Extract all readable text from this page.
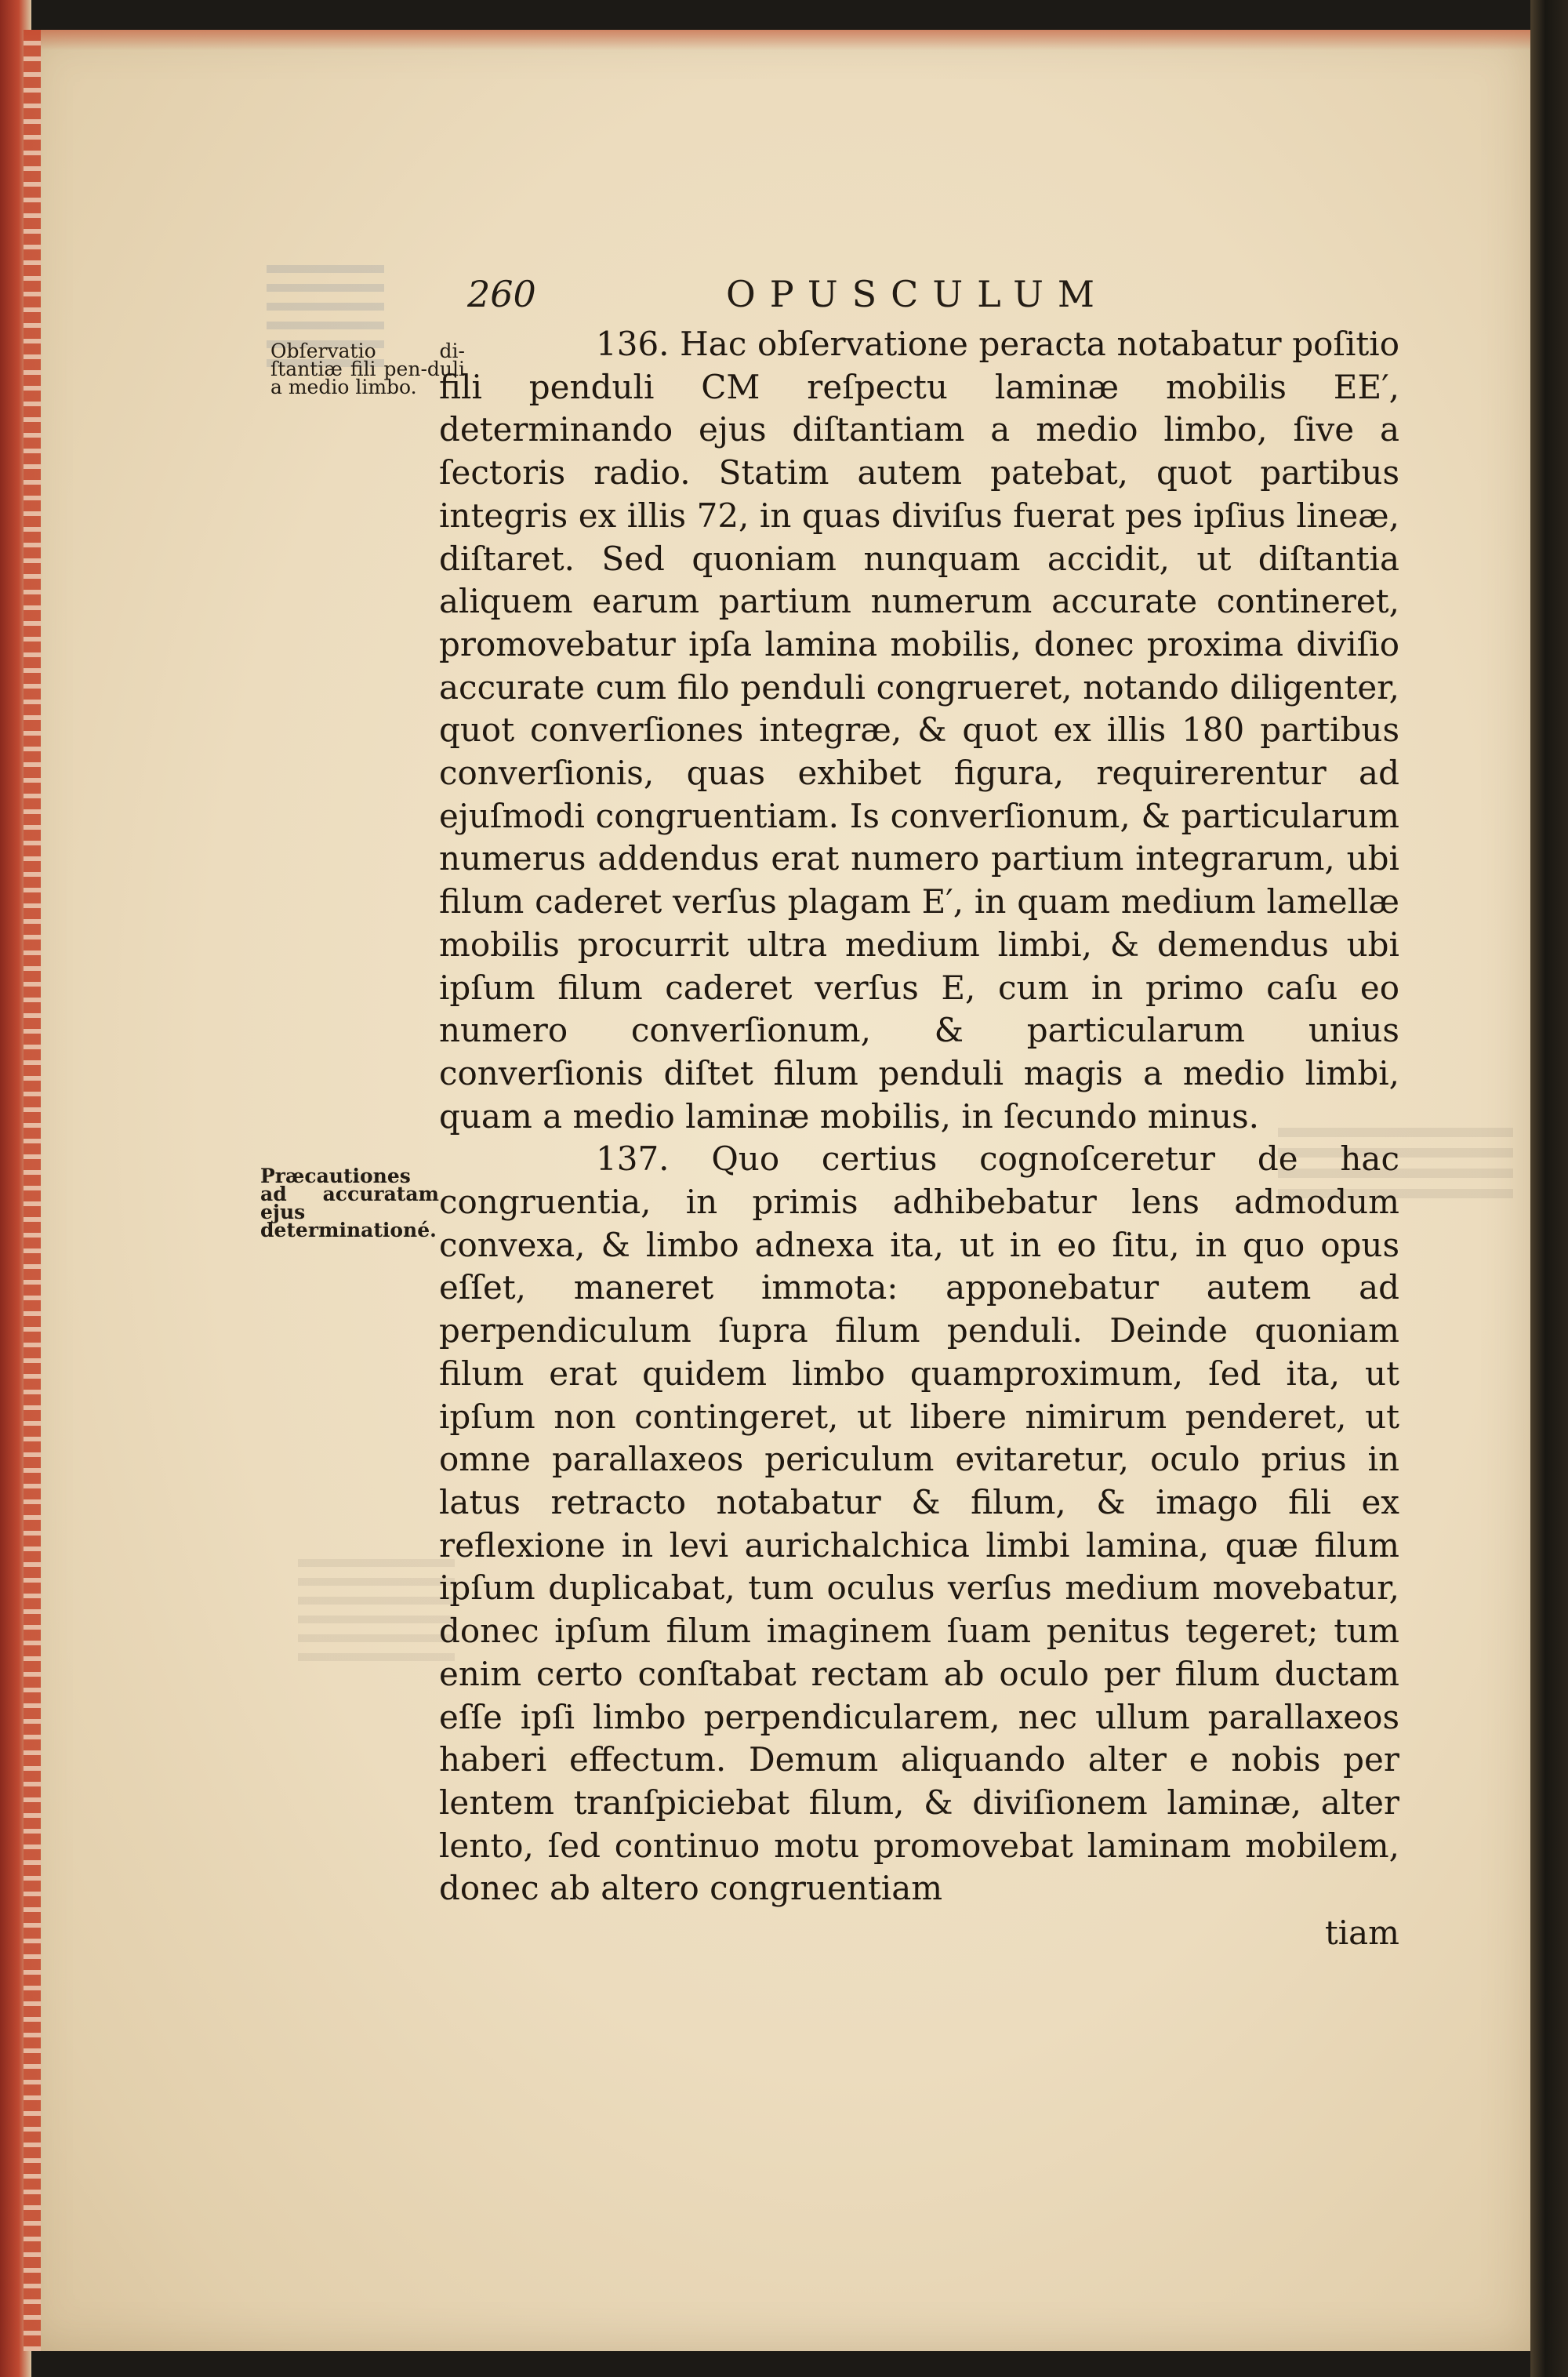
260	OPUSCULUM
Obſervatio di-ſtantiæ fili pen-duli a medio limbo.
Præcautiones ad accuratam ejus determinationé.

136. Hac obſervatione peracta notabatur poſitio fili penduli CM reſpectu laminæ mobilis EE′, determinando ejus diſtantiam a medio limbo, ſive a ſectoris radio. Statim autem patebat, quot partibus integris ex illis 72, in quas diviſus fuerat pes ipſius lineæ, diſtaret. Sed quoniam nunquam accidit, ut diſtantia aliquem earum partium numerum accurate contineret, promovebatur ipſa lamina mobilis, donec proxima diviſio accurate cum filo penduli congrueret, notando diligenter, quot converſiones integræ, & quot ex illis 180 partibus converſionis, quas exhibet figura, requirerentur ad ejuſmodi congruentiam. Is converſionum, & particularum numerus addendus erat numero partium integrarum, ubi filum caderet verſus plagam E′, in quam medium lamellæ mobilis procurrit ultra medium limbi, & demendus ubi ipſum filum caderet verſus E, cum in primo caſu eo numero converſionum, & particularum unius converſionis diſtet filum penduli magis a medio limbi, quam a medio laminæ mobilis, in ſecundo minus.

137. Quo certius cognoſceretur de hac congruentia, in primis adhibebatur lens admodum convexa, & limbo adnexa ita, ut in eo ſitu, in quo opus eſſet, maneret immota: apponebatur autem ad perpendiculum ſupra filum penduli. Deinde quoniam filum erat quidem limbo quamproximum, ſed ita, ut ipſum non contingeret, ut libere nimirum penderet, ut omne parallaxeos periculum evitaretur, oculo prius in latus retracto notabatur & filum, & imago fili ex reflexione in levi aurichalchica limbi lamina, quæ filum ipſum duplicabat, tum oculus verſus medium movebatur, donec ipſum filum imaginem ſuam penitus tegeret; tum enim certo conſtabat rectam ab oculo per filum ductam eſſe ipſi limbo perpendicularem, nec ullum parallaxeos haberi effectum. Demum aliquando alter e nobis per lentem tranſpiciebat filum, & diviſionem laminæ, alter lento, ſed continuo motu promovebat laminam mobilem, donec ab altero congruentiam

tiam
